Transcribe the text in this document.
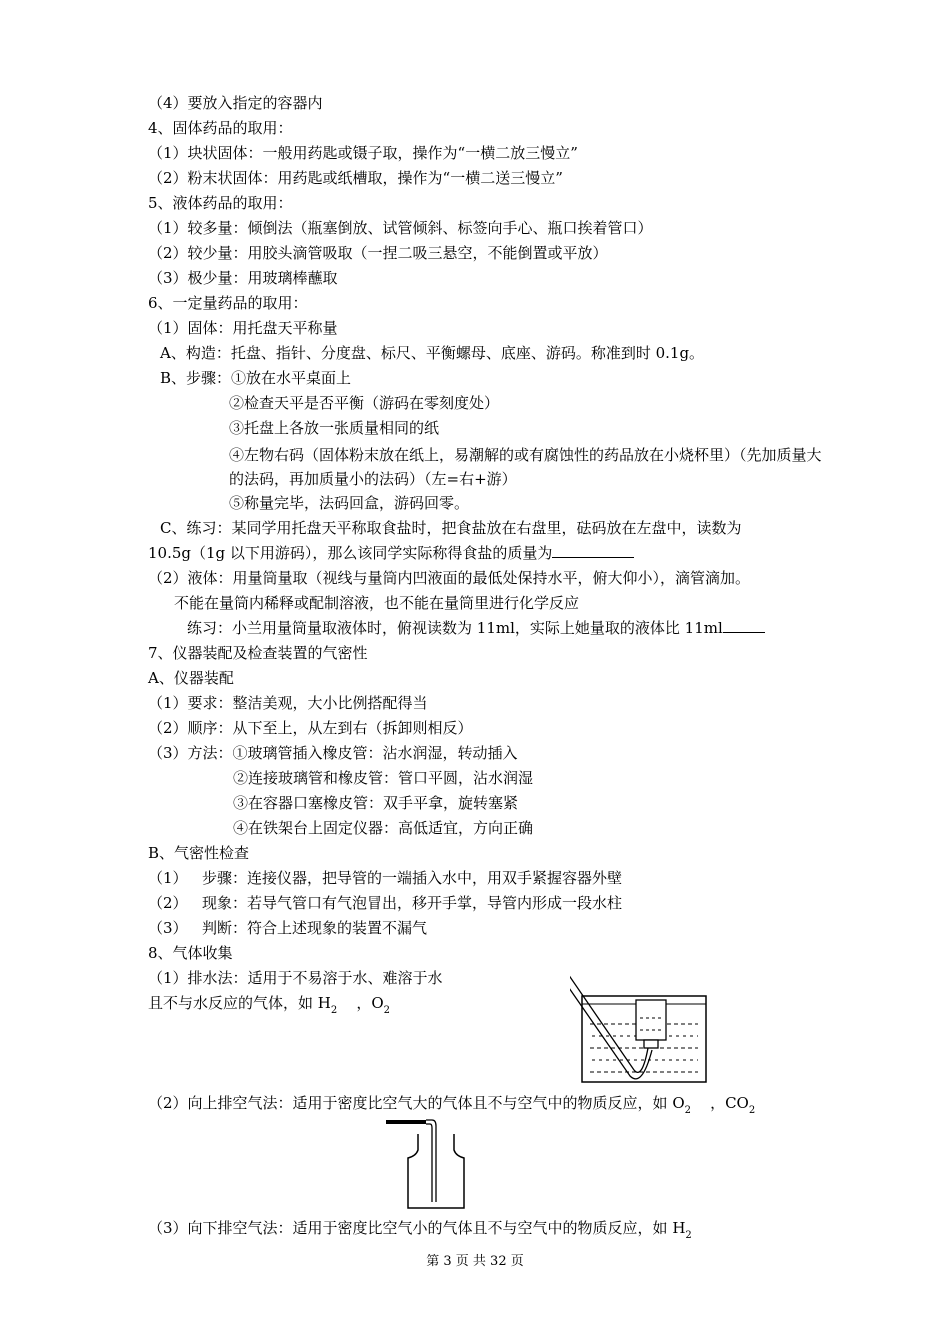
（4）要放入指定的容器内
4、固体药品的取用：
（1）块状固体：一般用药匙或镊子取，操作为“一横二放三慢立”
（2）粉末状固体：用药匙或纸槽取，操作为“一横二送三慢立”
5、液体药品的取用：
（1）较多量：倾倒法（瓶塞倒放、试管倾斜、标签向手心、瓶口挨着管口）
（2）较少量：用胶头滴管吸取（一捏二吸三悬空，不能倒置或平放）
（3）极少量：用玻璃棒蘸取
6、一定量药品的取用：
（1）固体：用托盘天平称量
A、构造：托盘、指针、分度盘、标尺、平衡螺母、底座、游码。称准到时 0.1g。
B、步骤：①放在水平桌面上
②检查天平是否平衡（游码在零刻度处）
③托盘上各放一张质量相同的纸
④左物右码（固体粉末放在纸上，易潮解的或有腐蚀性的药品放在小烧杯里）（先加质量大的法码，再加质量小的法码）（左=右+游）
⑤称量完毕，法码回盒，游码回零。
C、练习：某同学用托盘天平称取食盐时，把食盐放在右盘里，砝码放在左盘中，读数为
10.5g（1g 以下用游码），那么该同学实际称得食盐的质量为
（2）液体：用量筒量取（视线与量筒内凹液面的最低处保持水平，俯大仰小），滴管滴加。
不能在量筒内稀释或配制溶液，也不能在量筒里进行化学反应
练习：小兰用量筒量取液体时，俯视读数为 11ml，实际上她量取的液体比 11ml
7、仪器装配及检查装置的气密性
A、仪器装配
（1）要求：整洁美观，大小比例搭配得当
（2）顺序：从下至上，从左到右（拆卸则相反）
（3）方法：①玻璃管插入橡皮管：沾水润湿，转动插入
②连接玻璃管和橡皮管：管口平圆，沾水润湿
③在容器口塞橡皮管：双手平拿，旋转塞紧
④在铁架台上固定仪器：高低适宜，方向正确
B、气密性检查
（1） 步骤：连接仪器，把导管的一端插入水中，用双手紧握容器外壁
（2） 现象：若导气管口有气泡冒出，移开手掌，导管内形成一段水柱
（3） 判断：符合上述现象的装置不漏气
8、气体收集
（1）排水法：适用于不易溶于水、难溶于水
且不与水反应的气体，如 $H_2$ ，$O_2$
（2）向上排空气法：适用于密度比空气大的气体且不与空气中的物质反应，如 $O_2$ ，$CO_2$
（3）向下排空气法：适用于密度比空气小的气体且不与空气中的物质反应，如 $H_2$
第 3 页 共 32 页
